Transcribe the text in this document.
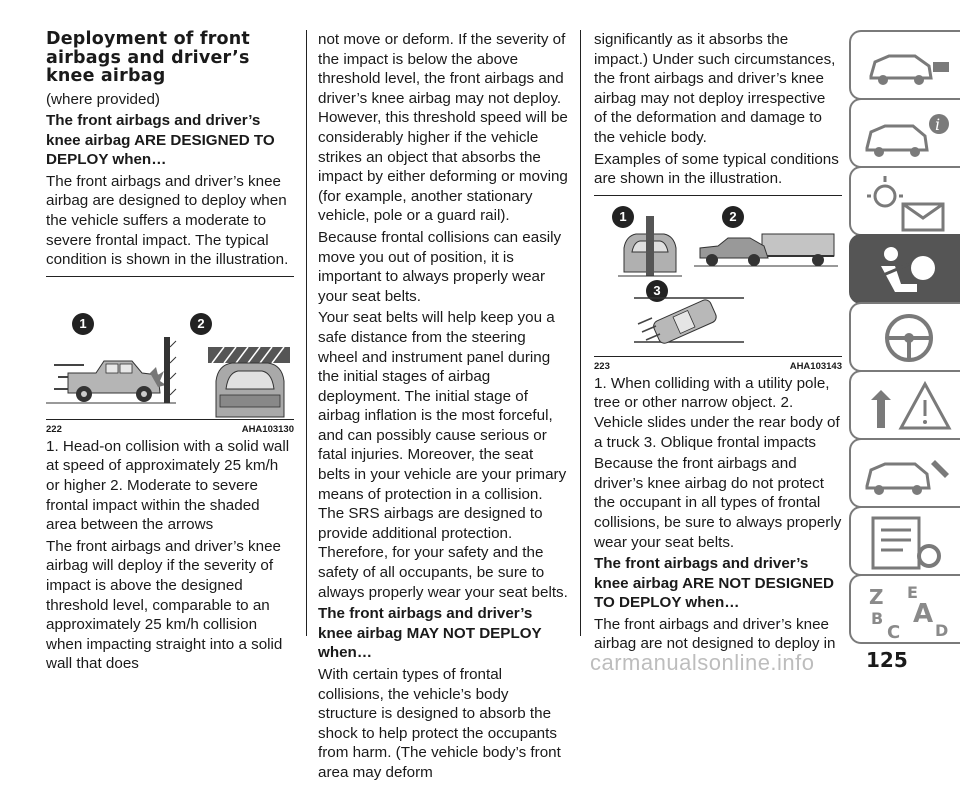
Deployment of front airbags and driver’s knee airbag

(where provided)

The front airbags and driver’s knee airbag ARE DESIGNED TO DEPLOY when…

The front airbags and driver’s knee airbag are designed to deploy when the vehicle suffers a moderate to severe frontal impact. The typical condition is shown in the illustration.

1	2
222	AHA103130

1. Head-on collision with a solid wall at speed of approximately 25 km/h or higher 2. Moderate to severe frontal impact within the shaded area between the arrows

The front airbags and driver’s knee airbag will deploy if the severity of impact is above the designed threshold level, comparable to an approximately 25 km/h collision when impacting straight into a solid wall that does

not move or deform. If the severity of the impact is below the above threshold level, the front airbags and driver’s knee airbag may not deploy. However, this threshold speed will be considerably higher if the vehicle strikes an object that absorbs the impact by either deforming or moving (for example, another stationary vehicle, pole or a guard rail).

Because frontal collisions can easily move you out of position, it is important to always properly wear your seat belts.

Your seat belts will help keep you a safe distance from the steering wheel and instrument panel during the initial stages of airbag deployment. The initial stage of airbag inflation is the most forceful, and can possibly cause serious or fatal injuries. Moreover, the seat belts in your vehicle are your primary means of protection in a collision. The SRS airbags are designed to provide additional protection. Therefore, for your safety and the safety of all occupants, be sure to always properly wear your seat belts.

The front airbags and driver’s knee airbag MAY NOT DEPLOY when…

With certain types of frontal collisions, the vehicle’s body structure is designed to absorb the shock to help protect the occupants from harm. (The vehicle body’s front area may deform

significantly as it absorbs the impact.) Under such circumstances, the front airbags and driver’s knee airbag may not deploy irrespective of the deformation and damage to the vehicle body.

Examples of some typical conditions are shown in the illustration.

1	2
3
223	AHA103143

1. When colliding with a utility pole, tree or other narrow object. 2. Vehicle slides under the rear body of a truck 3. Oblique frontal impacts

Because the front airbags and driver’s knee airbag do not protect the occupant in all types of frontal collisions, be sure to always properly wear your seat belts.

The front airbags and driver’s knee airbag ARE NOT DESIGNED TO DEPLOY when…

The front airbags and driver’s knee airbag are not designed to deploy in

i
Z E
A
B
C D
carmanualsonline.info	125
